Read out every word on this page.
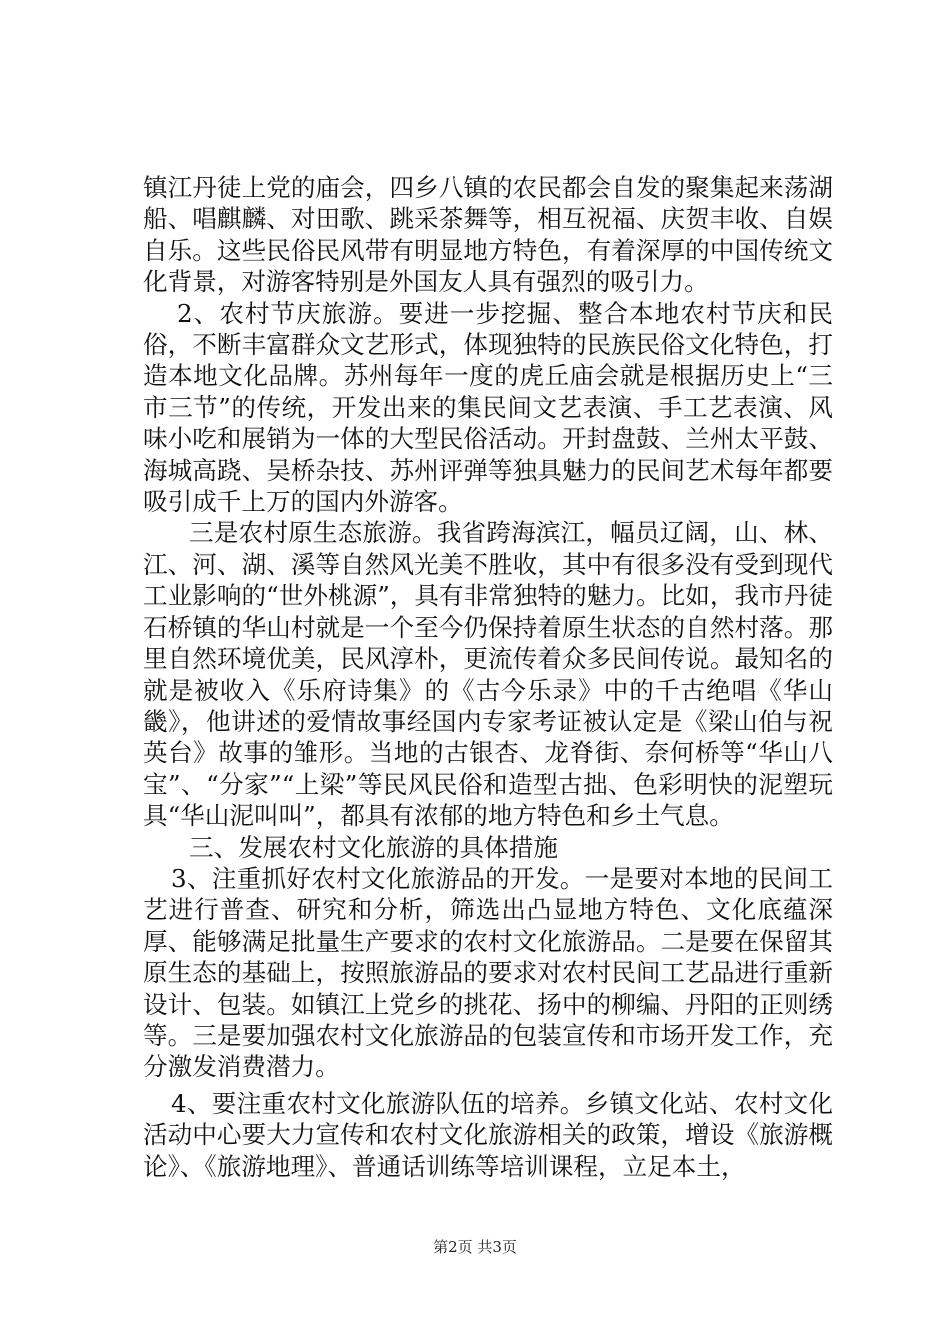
镇江丹徒上党的庙会，四乡八镇的农民都会自发的聚集起来荡湖船、唱麒麟、对田歌、跳采茶舞等，相互祝福、庆贺丰收、自娱自乐。这些民俗民风带有明显地方特色，有着深厚的中国传统文化背景，对游客特别是外国友人具有强烈的吸引力。

2、农村节庆旅游。要进一步挖掘、整合本地农村节庆和民俗，不断丰富群众文艺形式，体现独特的民族民俗文化特色，打造本地文化品牌。苏州每年一度的虎丘庙会就是根据历史上“三市三节”的传统，开发出来的集民间文艺表演、手工艺表演、风味小吃和展销为一体的大型民俗活动。开封盘鼓、兰州太平鼓、海城高跷、吴桥杂技、苏州评弹等独具魅力的民间艺术每年都要吸引成千上万的国内外游客。

三是农村原生态旅游。我省跨海滨江，幅员辽阔，山、林、江、河、湖、溪等自然风光美不胜收，其中有很多没有受到现代工业影响的“世外桃源”，具有非常独特的魅力。比如，我市丹徒石桥镇的华山村就是一个至今仍保持着原生状态的自然村落。那里自然环境优美，民风淳朴，更流传着众多民间传说。最知名的就是被收入《乐府诗集》的《古今乐录》中的千古绝唱《华山畿》，他讲述的爱情故事经国内专家考证被认定是《梁山伯与祝英台》故事的雏形。当地的古银杏、龙脊街、奈何桥等“华山八宝”、“分家”“上梁”等民风民俗和造型古拙、色彩明快的泥塑玩具“华山泥叫叫”，都具有浓郁的地方特色和乡土气息。

三、发展农村文化旅游的具体措施

3、注重抓好农村文化旅游品的开发。一是要对本地的民间工艺进行普查、研究和分析，筛选出凸显地方特色、文化底蕴深厚、能够满足批量生产要求的农村文化旅游品。二是要在保留其原生态的基础上，按照旅游品的要求对农村民间工艺品进行重新设计、包装。如镇江上党乡的挑花、扬中的柳编、丹阳的正则绣等。三是要加强农村文化旅游品的包装宣传和市场开发工作，充分激发消费潜力。

4、要注重农村文化旅游队伍的培养。乡镇文化站、农村文化活动中心要大力宣传和农村文化旅游相关的政策，增设《旅游概论》、《旅游地理》、普通话训练等培训课程，立足本土，

第2页 共3页
